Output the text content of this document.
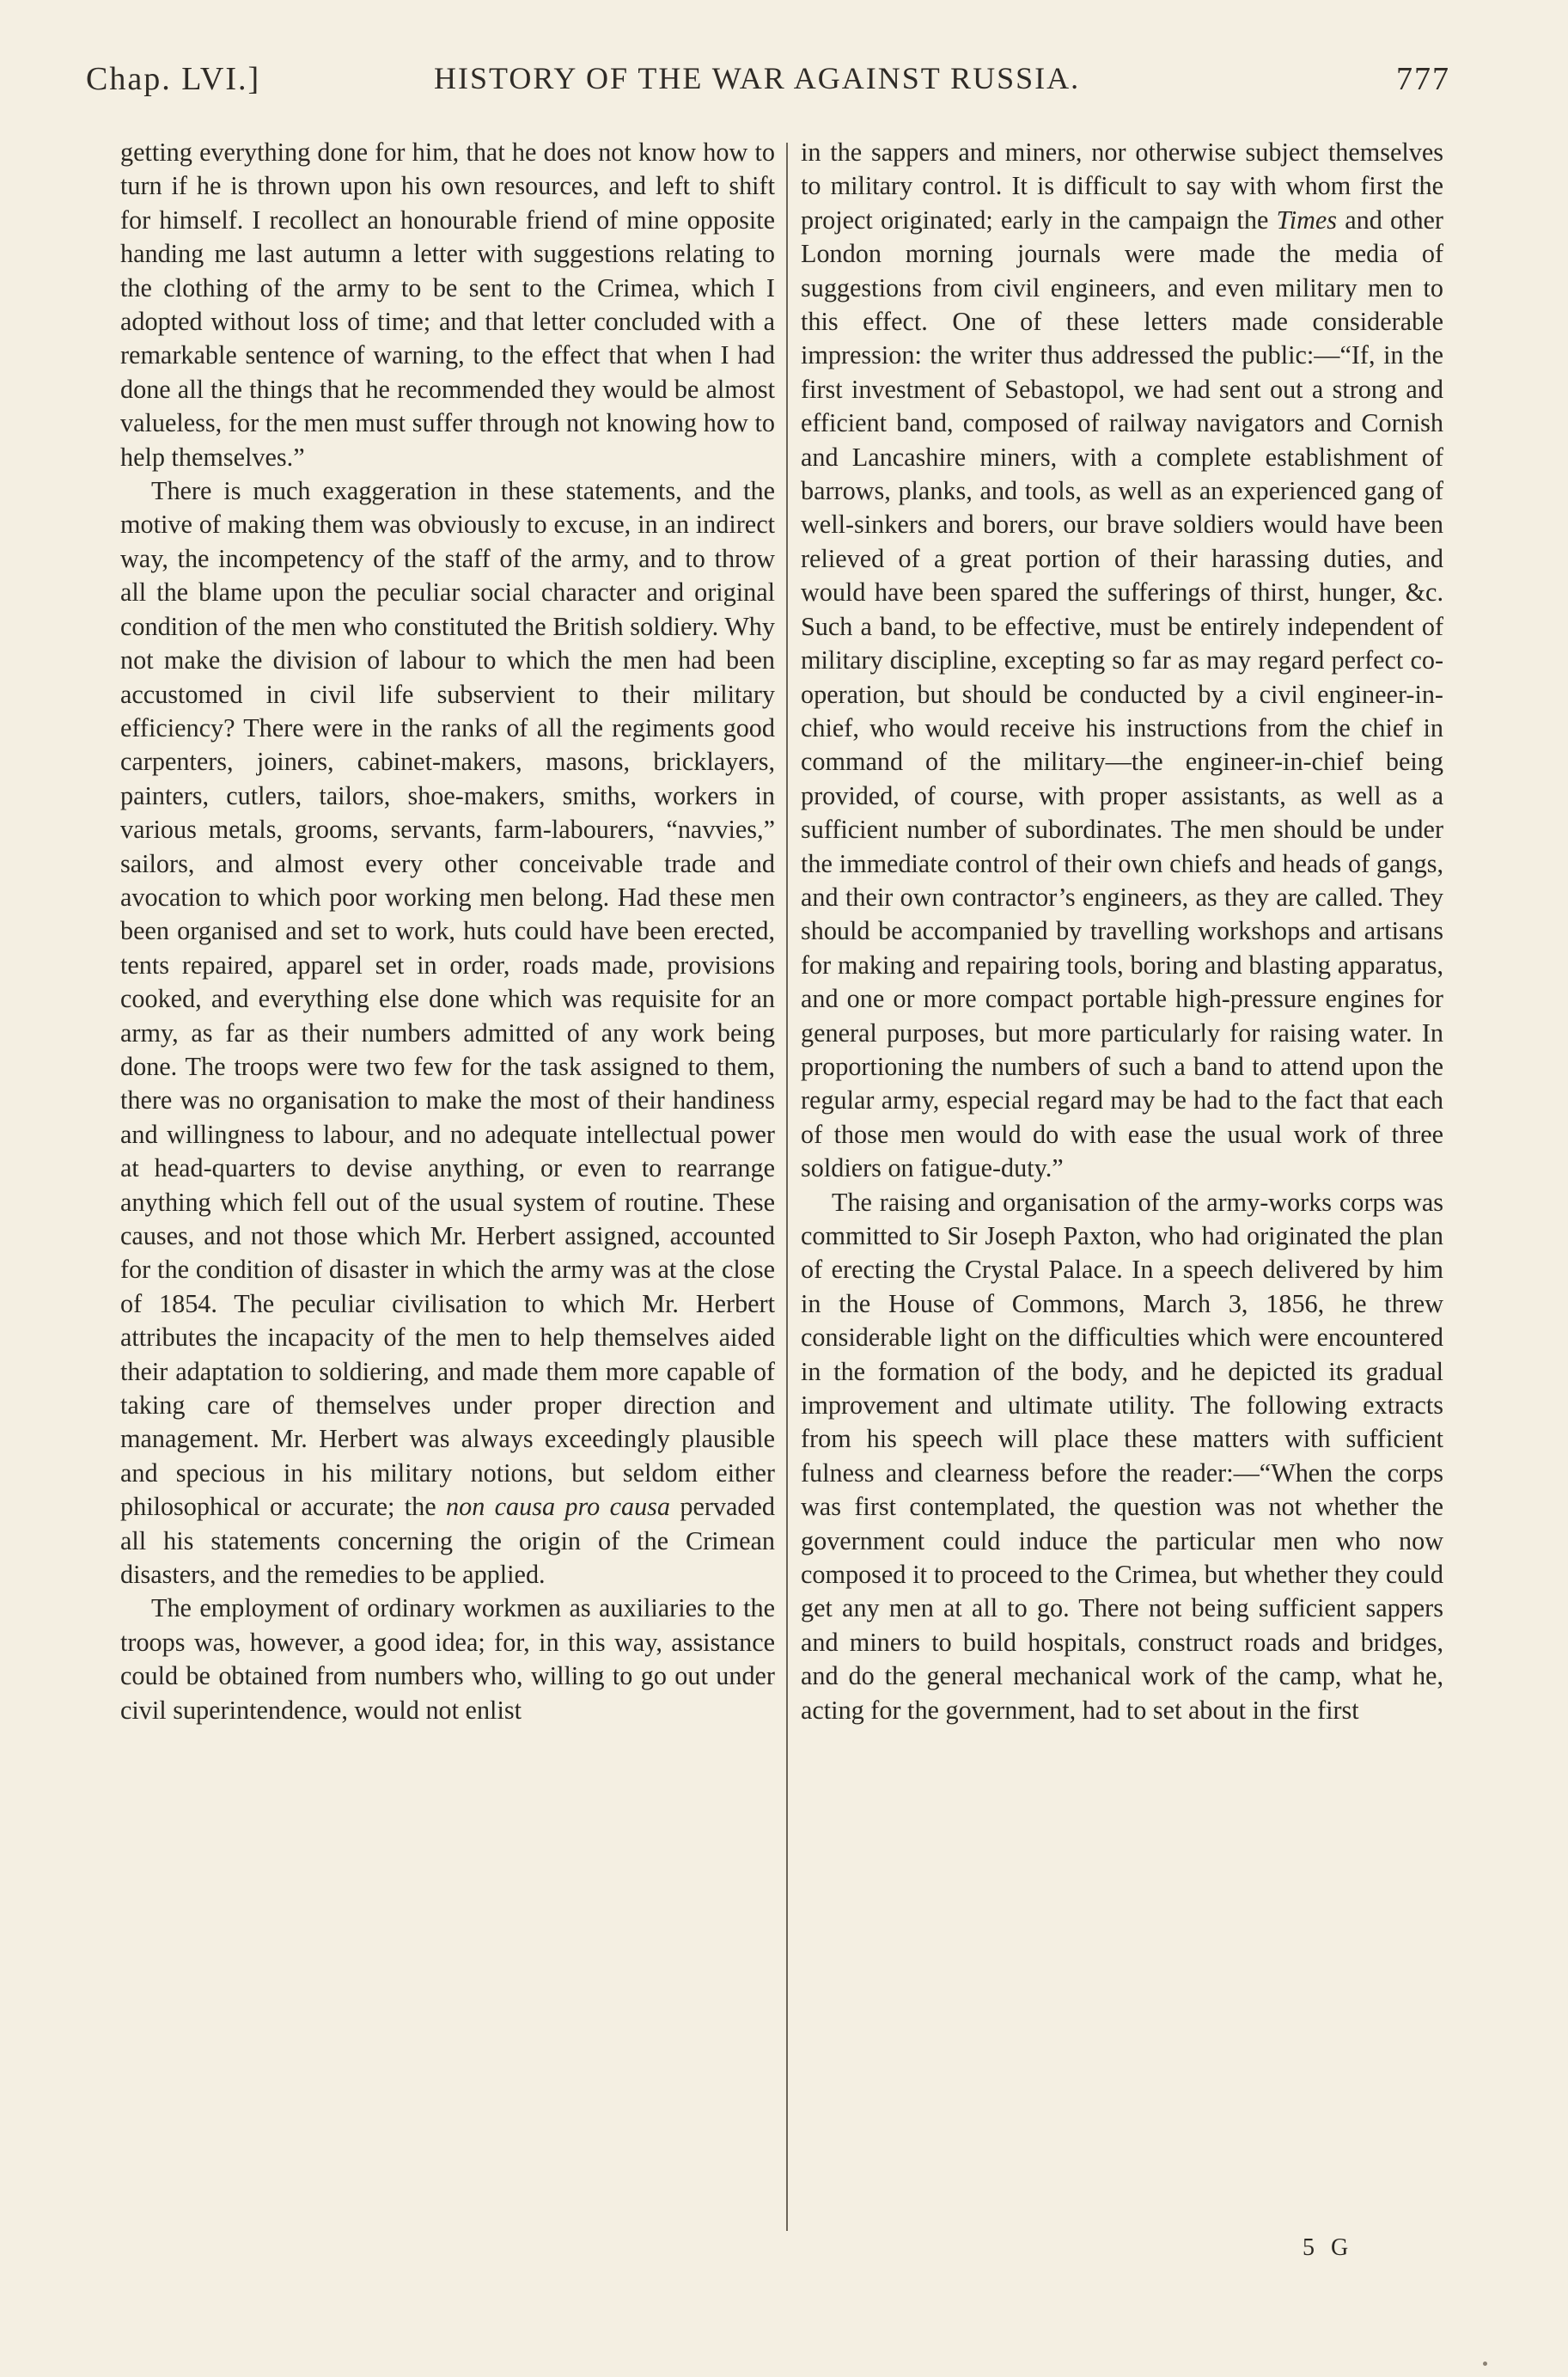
Chap. LVI.]	HISTORY OF THE WAR AGAINST RUSSIA.	777

getting everything done for him, that he does not know how to turn if he is thrown upon his own resources, and left to shift for himself. I recollect an honourable friend of mine opposite handing me last autumn a letter with suggestions relating to the clothing of the army to be sent to the Crimea, which I adopted without loss of time; and that letter concluded with a remarkable sentence of warning, to the effect that when I had done all the things that he recommended they would be almost valueless, for the men must suffer through not knowing how to help themselves.”

There is much exaggeration in these statements, and the motive of making them was obviously to excuse, in an indirect way, the incompetency of the staff of the army, and to throw all the blame upon the peculiar social character and original condition of the men who constituted the British soldiery. Why not make the division of labour to which the men had been accustomed in civil life subservient to their military efficiency? There were in the ranks of all the regiments good carpenters, joiners, cabinet-makers, masons, bricklayers, painters, cutlers, tailors, shoe-makers, smiths, workers in various metals, grooms, servants, farm-labourers, “navvies,” sailors, and almost every other conceivable trade and avocation to which poor working men belong. Had these men been organised and set to work, huts could have been erected, tents repaired, apparel set in order, roads made, provisions cooked, and everything else done which was requisite for an army, as far as their numbers admitted of any work being done. The troops were two few for the task assigned to them, there was no organisation to make the most of their handiness and willingness to labour, and no adequate intellectual power at head-quarters to devise anything, or even to rearrange anything which fell out of the usual system of routine. These causes, and not those which Mr. Herbert assigned, accounted for the condition of disaster in which the army was at the close of 1854. The peculiar civilisation to which Mr. Herbert attributes the incapacity of the men to help themselves aided their adaptation to soldiering, and made them more capable of taking care of themselves under proper direction and management. Mr. Herbert was always exceedingly plausible and specious in his military notions, but seldom either philosophical or accurate; the non causa pro causa pervaded all his statements concerning the origin of the Crimean disasters, and the remedies to be applied.

The employment of ordinary workmen as auxiliaries to the troops was, however, a good idea; for, in this way, assistance could be obtained from numbers who, willing to go out under civil superintendence, would not enlist

in the sappers and miners, nor otherwise subject themselves to military control. It is difficult to say with whom first the project originated; early in the campaign the Times and other London morning journals were made the media of suggestions from civil engineers, and even military men to this effect. One of these letters made considerable impression: the writer thus addressed the public:—“If, in the first investment of Sebastopol, we had sent out a strong and efficient band, composed of railway navigators and Cornish and Lancashire miners, with a complete establishment of barrows, planks, and tools, as well as an experienced gang of well-sinkers and borers, our brave soldiers would have been relieved of a great portion of their harassing duties, and would have been spared the sufferings of thirst, hunger, &c. Such a band, to be effective, must be entirely independent of military discipline, excepting so far as may regard perfect cooperation, but should be conducted by a civil engineer-in-chief, who would receive his instructions from the chief in command of the military—the engineer-in-chief being provided, of course, with proper assistants, as well as a sufficient number of subordinates. The men should be under the immediate control of their own chiefs and heads of gangs, and their own contractor’s engineers, as they are called. They should be accompanied by travelling workshops and artisans for making and repairing tools, boring and blasting apparatus, and one or more compact portable high-pressure engines for general purposes, but more particularly for raising water. In proportioning the numbers of such a band to attend upon the regular army, especial regard may be had to the fact that each of those men would do with ease the usual work of three soldiers on fatigue-duty.”

The raising and organisation of the army-works corps was committed to Sir Joseph Paxton, who had originated the plan of erecting the Crystal Palace. In a speech delivered by him in the House of Commons, March 3, 1856, he threw considerable light on the difficulties which were encountered in the formation of the body, and he depicted its gradual improvement and ultimate utility. The following extracts from his speech will place these matters with sufficient fulness and clearness before the reader:—“When the corps was first contemplated, the question was not whether the government could induce the particular men who now composed it to proceed to the Crimea, but whether they could get any men at all to go. There not being sufficient sappers and miners to build hospitals, construct roads and bridges, and do the general mechanical work of the camp, what he, acting for the government, had to set about in the first

5 G
